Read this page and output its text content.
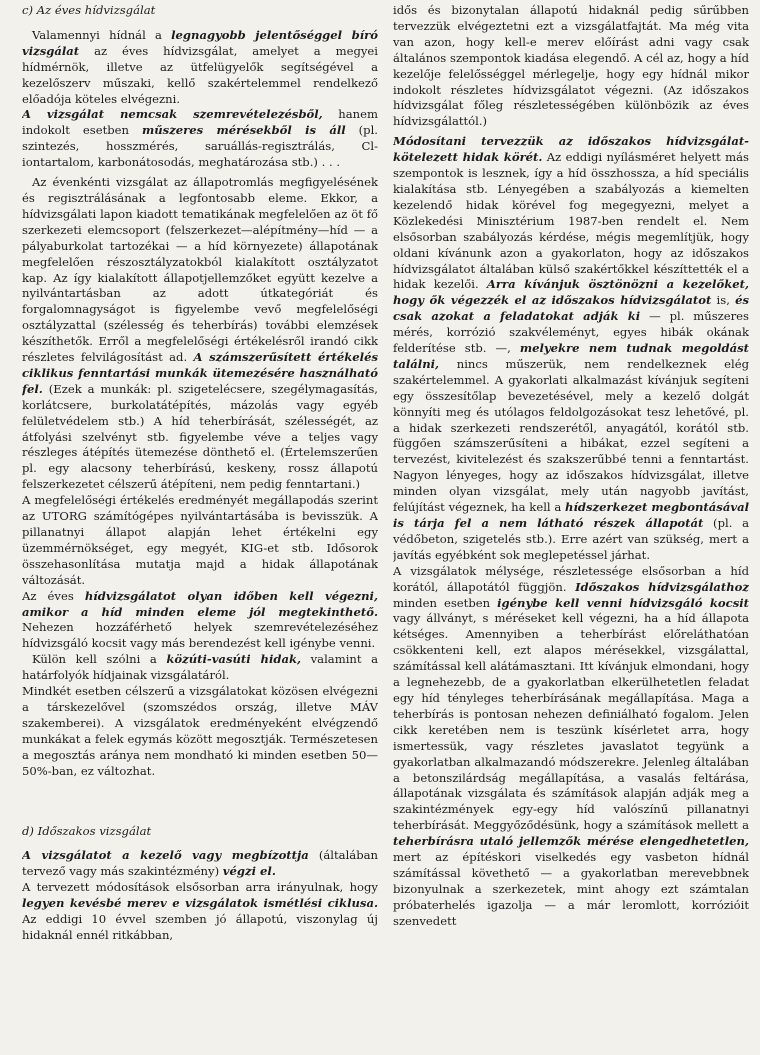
c) Az éves hídvizsgálat

Valamennyi hídnál a legnagyobb jelentőséggel bíró vizsgálat az éves hídvizsgálat, amelyet a megyei hídmérnök, illetve az ütfelügyelők segítségével a kezelőszerv műszaki, kellő szakértelemmel rendelkező előadója köteles elvégezni.

A vizsgálat nemcsak szemrevételezésből, hanem indokolt esetben műszeres mérésekből is áll (pl. szintezés, hosszmérés, saruállás-regisztrálás, Cl-iontartalom, karbonátosodás, meghatározása stb.) . . .

Az évenkénti vizsgálat az állapotromlás megfigyelésének és regisztrálásának a legfontosabb eleme. Ekkor, a hídvizsgálati lapon kiadott tematikának megfelelően az öt fő szerkezeti elemcsoport (felszerkezet—alépítmény—híd — a pályaburkolat tartozékai — a híd környezete) állapotának megfelelően részosztályzatokból kialakított osztályzatot kap. Az így kialakított állapotjellemzőket együtt kezelve a nyilvántartásban az adott útkategóriát és forgalomnagyságot is figyelembe vevő megfelelőségi osztályzattal (szélesség és teherbírás) további elemzések készíthetők. Erről a megfelelőségi értékelésről irandó cikk részletes felvilágosítást ad. A számszerűsített értékelés ciklikus fenntartási munkák ütemezésére használható fel. (Ezek a munkák: pl. szigetelécsere, szegélymagasítás, korlátcsere, burkolatátépítés, mázolás vagy egyéb felületvédelem stb.) A híd teherbírását, szélességét, az átfolyási szelvényt stb. figyelembe véve a teljes vagy részleges átépítés ütemezése dönthető el. (Értelemszerűen pl. egy alacsony teherbírású, keskeny, rossz állapotú felszerkezetet célszerű átépíteni, nem pedig fenntartani.)

A megfelelőségi értékelés eredményét megállapodás szerint az UTORG számítógépes nyilvántartásába is bevisszük. A pillanatnyi állapot alapján lehet értékelni egy üzemmérnökséget, egy megyét, KIG-et stb. Idősorok összehasonlítása mutatja majd a hidak állapotának változását.

Az éves hídvizsgálatot olyan időben kell végezni, amikor a híd minden eleme jól megtekinthető. Nehezen hozzáférhető helyek szemrevételezéséhez hídvizsgáló kocsit vagy más berendezést kell igénybe venni.

Külön kell szólni a közúti-vasúti hidak, valamint a határfolyók hídjainak vizsgálatáról.

Mindkét esetben célszerű a vizsgálatokat közösen elvégezni a társkezelővel (szomszédos ország, illetve MÁV szakemberei). A vizsgálatok eredményeként elvégzendő munkákat a felek egymás között megosztják. Természetesen a megosztás aránya nem mondható ki minden esetben 50—50%-ban, ez változhat.

d) Időszakos vizsgálat

A vizsgálatot a kezelő vagy megbízottja (általában tervező vagy más szakintézmény) végzi el.

A tervezett módosítások elsősorban arra irányulnak, hogy legyen kevésbé merev e vizsgálatok ismétlési ciklusa. Az eddigi 10 évvel szemben jó állapotú, viszonylag új hidaknál ennél ritkábban,

idős és bizonytalan állapotú hidaknál pedig sűrűbben tervezzük elvégeztetni ezt a vizsgálatfajtát. Ma még vita van azon, hogy kell-e merev előírást adni vagy csak általános szempontok kiadása elegendő. A cél az, hogy a híd kezelője felelősséggel mérlegelje, hogy egy hídnál mikor indokolt részletes hídvizsgálatot végezni. (Az időszakos hídvizsgálat főleg részletességében különbözik az éves hídvizsgálattól.)

Módosítani tervezzük az időszakos hídvizsgálat-kötelezett hidak körét. Az eddigi nyílásméret helyett más szempontok is lesznek, így a híd összhossza, a híd speciális kialakítása stb. Lényegében a szabályozás a kiemelten kezelendő hidak körével fog megegyezni, melyet a Közlekedési Minisztérium 1987-ben rendelt el. Nem elsősorban szabályozás kérdése, mégis megemlítjük, hogy oldani kívánunk azon a gyakorlaton, hogy az időszakos hídvizsgálatot általában külső szakértőkkel készíttették el a hidak kezelői. Arra kívánjuk ösztönözni a kezelőket, hogy ők végezzék el az időszakos hídvizsgálatot is, és csak azokat a feladatokat adják ki — pl. műszeres mérés, korrózió szakvéleményt, egyes hibák okának felderítése stb. —, melyekre nem tudnak megoldást találni, nincs műszerük, nem rendelkeznek elég szakértelemmel. A gyakorlati alkalmazást kívánjuk segíteni egy összesítőlap bevezetésével, mely a kezelő dolgát könnyíti meg és utólagos feldolgozásokat tesz lehetővé, pl. a hidak szerkezeti rendszerétől, anyagától, korától stb. függően számszerűsíteni a hibákat, ezzel segíteni a tervezést, kivitelezést és szakszerűbbé tenni a fenntartást. Nagyon lényeges, hogy az időszakos hídvizsgálat, illetve minden olyan vizsgálat, mely után nagyobb javítást, felújítást végeznek, ha kell a hídszerkezet megbontásával is tárja fel a nem látható részek állapotát (pl. a védőbeton, szigetelés stb.). Erre azért van szükség, mert a javítás egyébként sok meglepetéssel járhat.

A vizsgálatok mélysége, részletessége elsősorban a híd korától, állapotától függjön. Időszakos hídvizsgálathoz minden esetben igénybe kell venni hídvizsgáló kocsit vagy állványt, s méréseket kell végezni, ha a híd állapota kétséges. Amennyiben a teherbírást előreláthatóan csökkenteni kell, ezt alapos mérésekkel, vizsgálattal, számítással kell alátámasztani. Itt kívánjuk elmondani, hogy a legnehezebb, de a gyakorlatban elkerülhetetlen feladat egy híd tényleges teherbírásának megállapítása. Maga a teherbírás is pontosan nehezen definiálható fogalom. Jelen cikk keretében nem is teszünk kísérletet arra, hogy ismertessük, vagy részletes javaslatot tegyünk a gyakorlatban alkalmazandó módszerekre. Jelenleg általában a betonszilárdság megállapítása, a vasalás feltárása, állapotának vizsgálata és számítások alapján adják meg a szakintézmények egy-egy híd valószínű pillanatnyi teherbírását. Meggyőződésünk, hogy a számítások mellett a teherbírásra utaló jellemzők mérése elengedhetetlen, mert az építéskori viselkedés egy vasbeton hídnál számítással követhető — a gyakorlatban merevebbnek bizonyulnak a szerkezetek, mint ahogy ezt számtalan próbaterhelés igazolja — a már leromlott, korrózióit szenvedett
